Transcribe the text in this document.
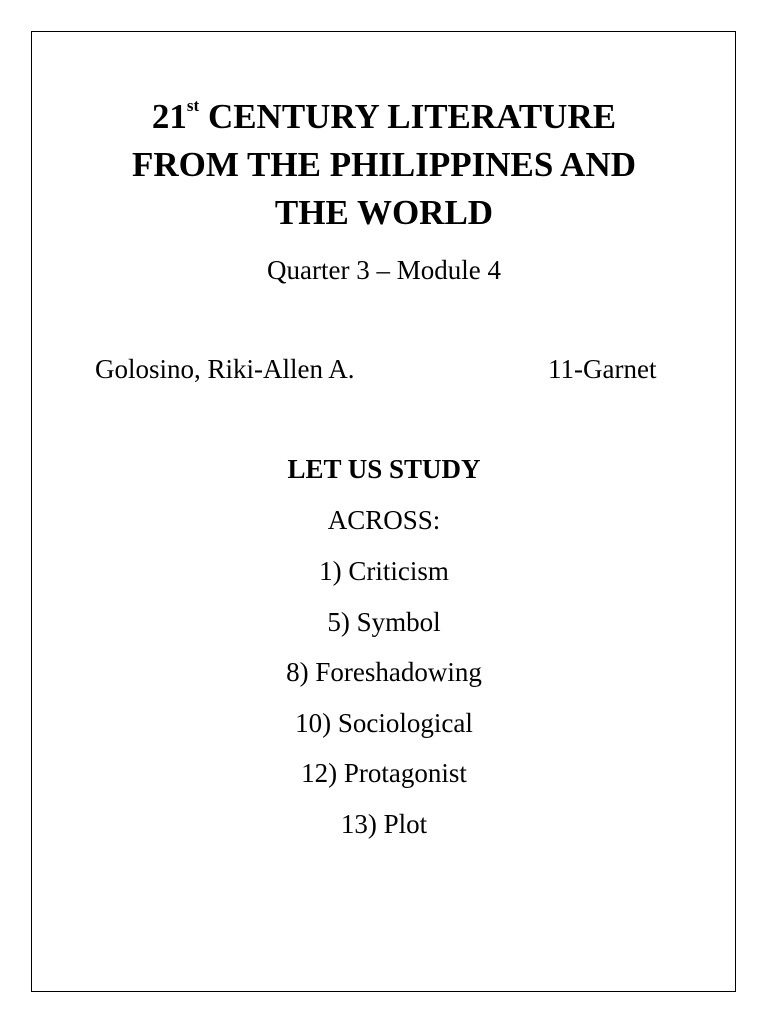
21st CENTURY LITERATURE
FROM THE PHILIPPINES AND
THE WORLD
Quarter 3 – Module 4
Golosino, Riki-Allen A.	11-Garnet
LET US STUDY
ACROSS:
1) Criticism
5) Symbol
8) Foreshadowing
10) Sociological
12) Protagonist
13) Plot
